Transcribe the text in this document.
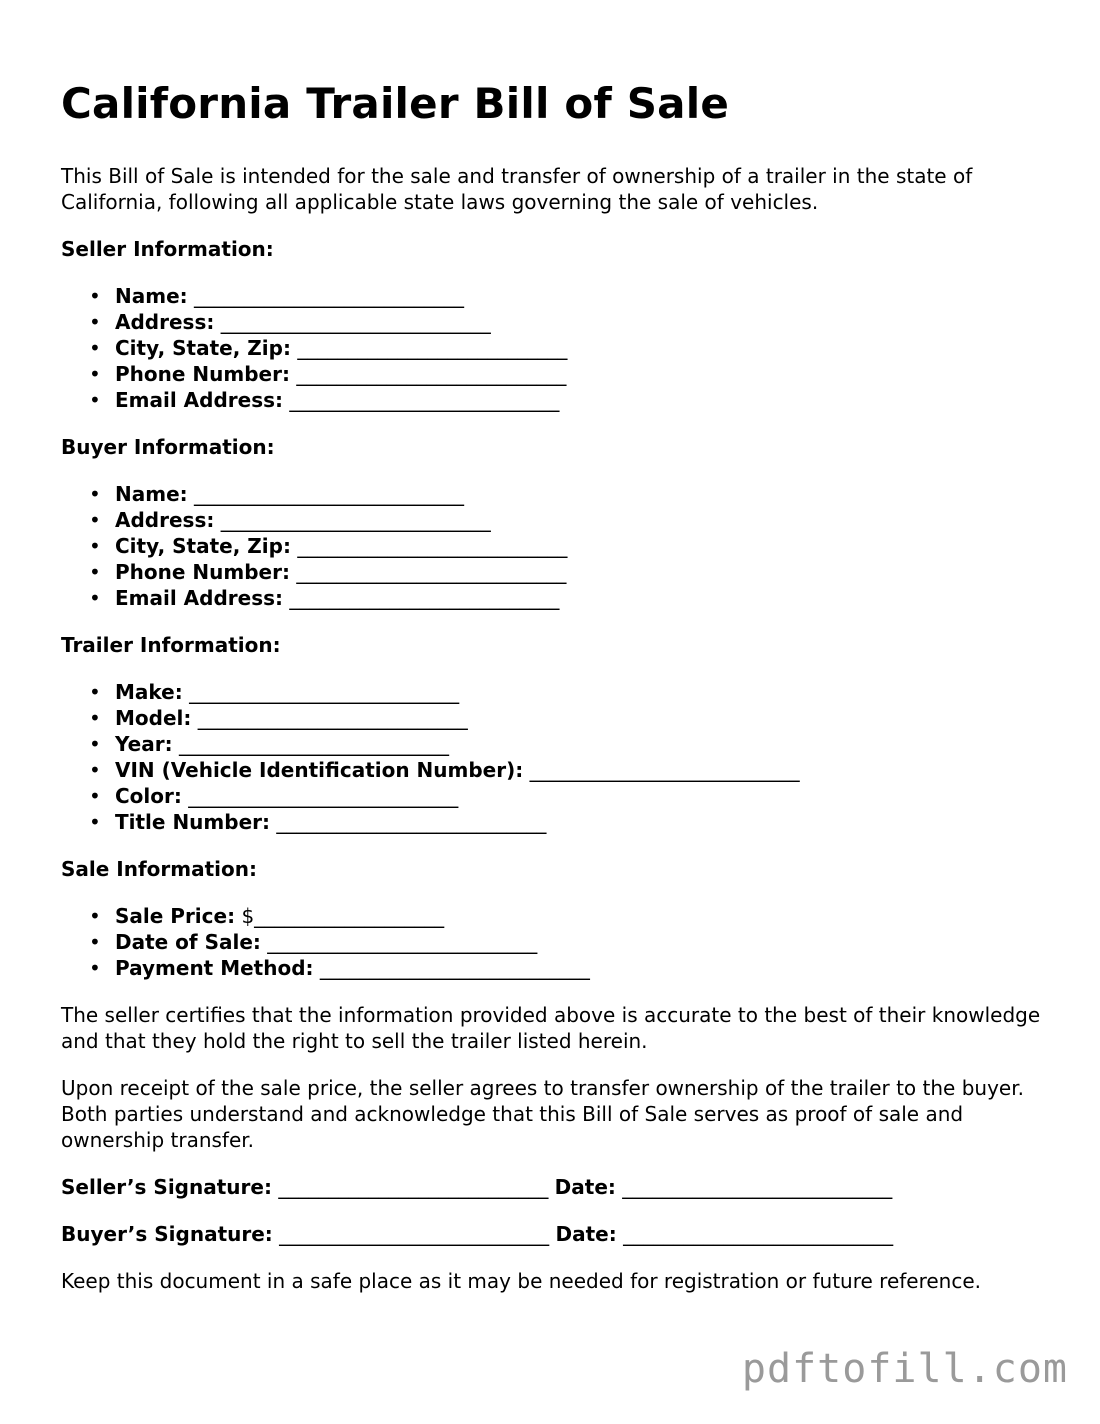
California Trailer Bill of Sale

This Bill of Sale is intended for the sale and transfer of ownership of a trailer in the state of California, following all applicable state laws governing the sale of vehicles.

Seller Information:

• Name: ___________________________
• Address: ___________________________
• City, State, Zip: ___________________________
• Phone Number: ___________________________
• Email Address: ___________________________

Buyer Information:

• Name: ___________________________
• Address: ___________________________
• City, State, Zip: ___________________________
• Phone Number: ___________________________
• Email Address: ___________________________

Trailer Information:

• Make: ___________________________
• Model: ___________________________
• Year: ___________________________
• VIN (Vehicle Identification Number): ___________________________
• Color: ___________________________
• Title Number: ___________________________

Sale Information:

• Sale Price: $___________________
• Date of Sale: ___________________________
• Payment Method: ___________________________

The seller certifies that the information provided above is accurate to the best of their knowledge and that they hold the right to sell the trailer listed herein.

Upon receipt of the sale price, the seller agrees to transfer ownership of the trailer to the buyer. Both parties understand and acknowledge that this Bill of Sale serves as proof of sale and ownership transfer.

Seller’s Signature: ___________________________ Date: ___________________________
Buyer’s Signature: ___________________________ Date: ___________________________

Keep this document in a safe place as it may be needed for registration or future reference.

pdftofill.com
